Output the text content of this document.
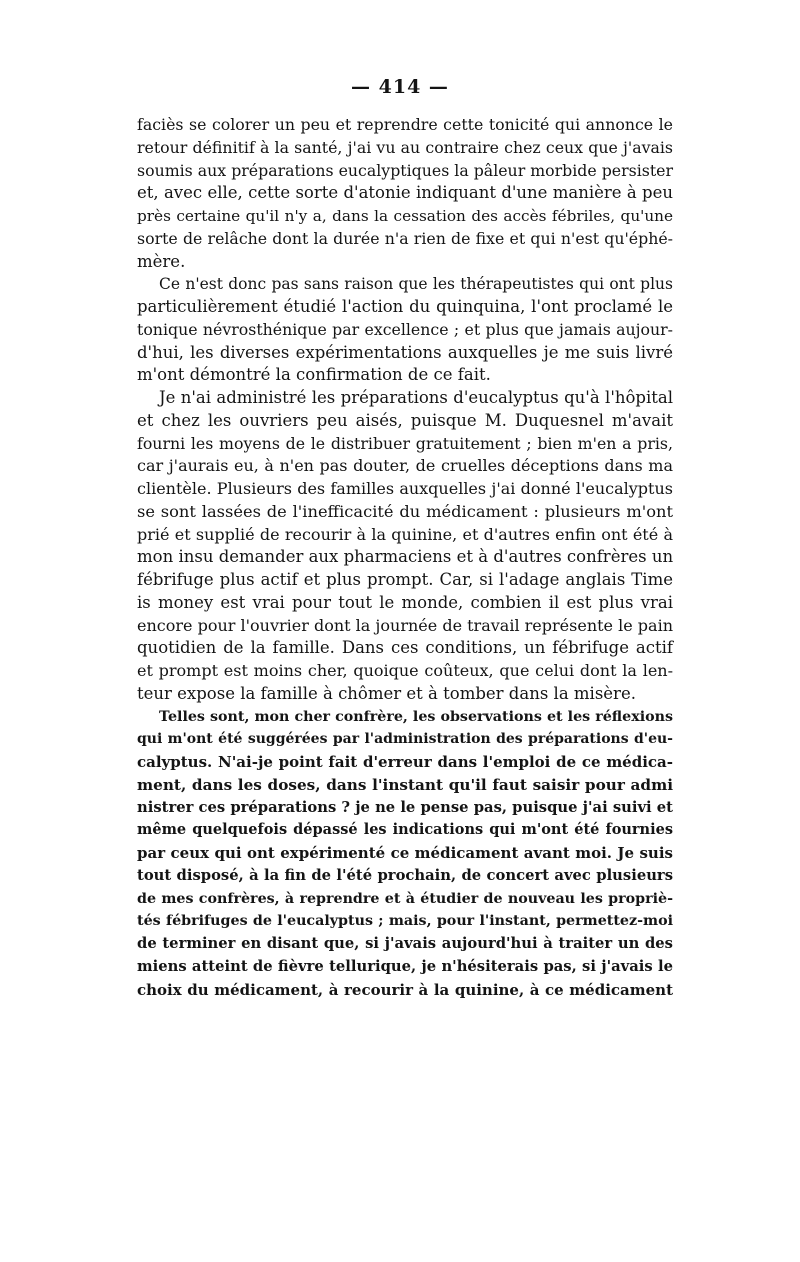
— 414 —
faciès se colorer un peu et reprendre cette tonicité qui annonce le
retour définitif à la santé, j'ai vu au contraire chez ceux que j'avais
soumis aux préparations eucalyptiques la pâleur morbide persister
et, avec elle, cette sorte d'atonie indiquant d'une manière à peu
près certaine qu'il n'y a, dans la cessation des accès fébriles, qu'une
sorte de relâche dont la durée n'a rien de fixe et qui n'est qu'éphé-
mère.
Ce n'est donc pas sans raison que les thérapeutistes qui ont plus
particulièrement étudié l'action du quinquina, l'ont proclamé le
tonique névrosthénique par excellence ; et plus que jamais aujour-
d'hui, les diverses expérimentations auxquelles je me suis livré
m'ont démontré la confirmation de ce fait.
Je n'ai administré les préparations d'eucalyptus qu'à l'hôpital
et chez les ouvriers peu aisés, puisque M. Duquesnel m'avait
fourni les moyens de le distribuer gratuitement ; bien m'en a pris,
car j'aurais eu, à n'en pas douter, de cruelles déceptions dans ma
clientèle. Plusieurs des familles auxquelles j'ai donné l'eucalyptus
se sont lassées de l'inefficacité du médicament : plusieurs m'ont
prié et supplié de recourir à la quinine, et d'autres enfin ont été à
mon insu demander aux pharmaciens et à d'autres confrères un
fébrifuge plus actif et plus prompt. Car, si l'adage anglais Time
is money est vrai pour tout le monde, combien il est plus vrai
encore pour l'ouvrier dont la journée de travail représente le pain
quotidien de la famille. Dans ces conditions, un fébrifuge actif
et prompt est moins cher, quoique coûteux, que celui dont la len-
teur expose la famille à chômer et à tomber dans la misère.
Telles sont, mon cher confrère, les observations et les réflexions
qui m'ont été suggérées par l'administration des préparations d'eu-
calyptus. N'ai-je point fait d'erreur dans l'emploi de ce médica-
ment, dans les doses, dans l'instant qu'il faut saisir pour admi
nistrer ces préparations ? je ne le pense pas, puisque j'ai suivi et
même quelquefois dépassé les indications qui m'ont été fournies
par ceux qui ont expérimenté ce médicament avant moi. Je suis
tout disposé, à la fin de l'été prochain, de concert avec plusieurs
de mes confrères, à reprendre et à étudier de nouveau les propriè-
tés fébrifuges de l'eucalyptus ; mais, pour l'instant, permettez-moi
de terminer en disant que, si j'avais aujourd'hui à traiter un des
miens atteint de fièvre tellurique, je n'hésiterais pas, si j'avais le
choix du médicament, à recourir à la quinine, à ce médicament
